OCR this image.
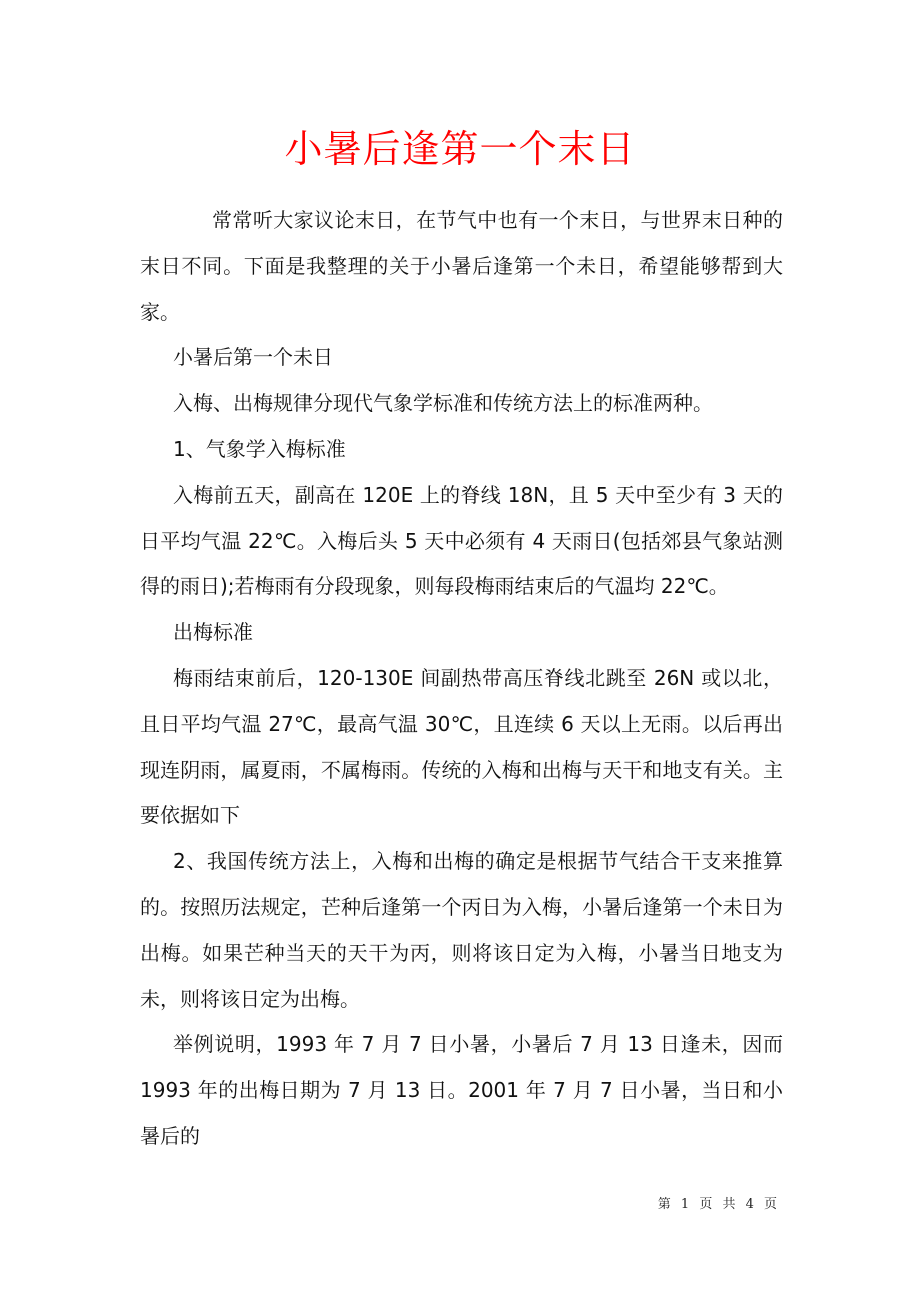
小暑后逢第一个末日

常常听大家议论末日，在节气中也有一个末日，与世界末日种的末日不同。下面是我整理的关于小暑后逢第一个未日，希望能够帮到大家。

小暑后第一个未日

入梅、出梅规律分现代气象学标准和传统方法上的标准两种。

1、气象学入梅标准

入梅前五天，副高在 120E 上的脊线 18N，且 5 天中至少有 3 天的日平均气温 22℃。入梅后头 5 天中必须有 4 天雨日(包括郊县气象站测得的雨日);若梅雨有分段现象，则每段梅雨结束后的气温均 22℃。

出梅标准

梅雨结束前后，120-130E 间副热带高压脊线北跳至 26N 或以北，且日平均气温 27℃，最高气温 30℃，且连续 6 天以上无雨。以后再出现连阴雨，属夏雨，不属梅雨。传统的入梅和出梅与天干和地支有关。主要依据如下

2、我国传统方法上，入梅和出梅的确定是根据节气结合干支来推算的。按照历法规定，芒种后逢第一个丙日为入梅，小暑后逢第一个未日为出梅。如果芒种当天的天干为丙，则将该日定为入梅，小暑当日地支为未，则将该日定为出梅。

举例说明，1993 年 7 月 7 日小暑，小暑后 7 月 13 日逢未，因而 1993 年的出梅日期为 7 月 13 日。2001 年 7 月 7 日小暑，当日和小暑后的

第 1 页 共 4 页
